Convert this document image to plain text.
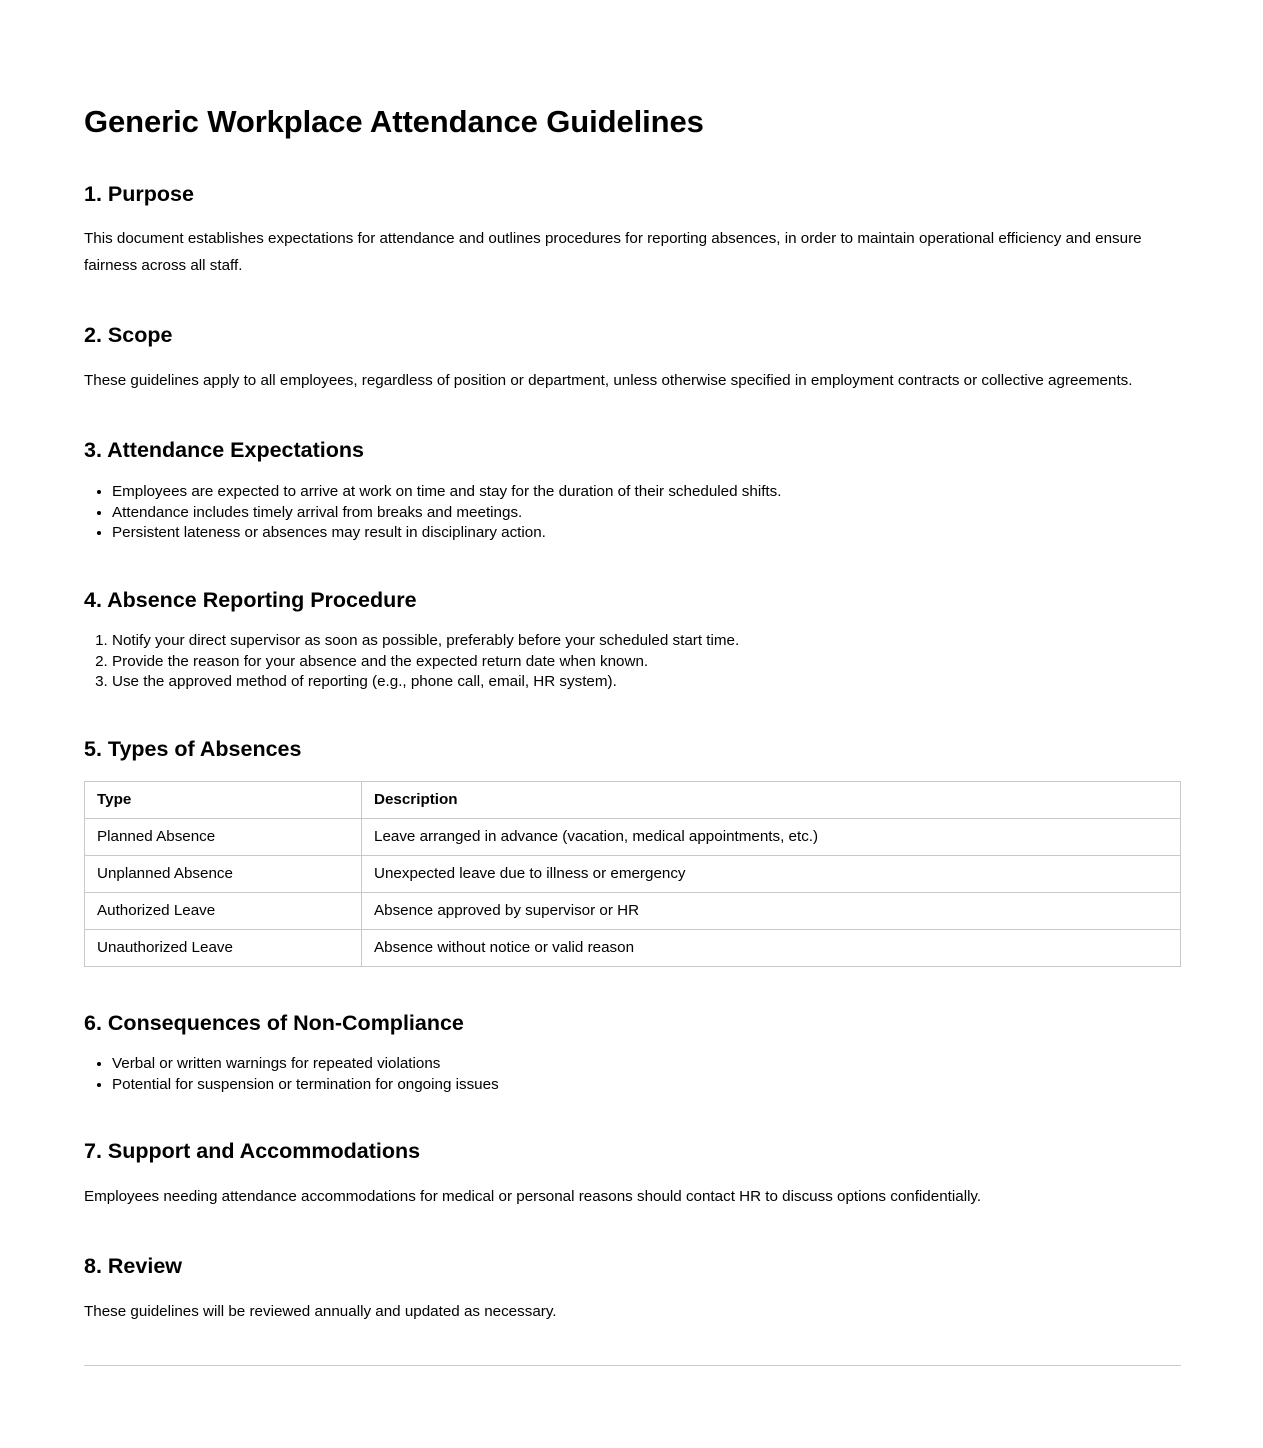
Generic Workplace Attendance Guidelines
1. Purpose

This document establishes expectations for attendance and outlines procedures for reporting absences, in order to maintain operational efficiency and ensure fairness across all staff.

2. Scope

These guidelines apply to all employees, regardless of position or department, unless otherwise specified in employment contracts or collective agreements.

3. Attendance Expectations
• Employees are expected to arrive at work on time and stay for the duration of their scheduled shifts.
• Attendance includes timely arrival from breaks and meetings.
• Persistent lateness or absences may result in disciplinary action.
4. Absence Reporting Procedure
1. Notify your direct supervisor as soon as possible, preferably before your scheduled start time.
2. Provide the reason for your absence and the expected return date when known.
3. Use the approved method of reporting (e.g., phone call, email, HR system).
5. Types of Absences
Type	Description
Planned Absence	Leave arranged in advance (vacation, medical appointments, etc.)
Unplanned Absence	Unexpected leave due to illness or emergency
Authorized Leave	Absence approved by supervisor or HR
Unauthorized Leave	Absence without notice or valid reason
6. Consequences of Non-Compliance
• Verbal or written warnings for repeated violations
• Potential for suspension or termination for ongoing issues
7. Support and Accommodations

Employees needing attendance accommodations for medical or personal reasons should contact HR to discuss options confidentially.

8. Review

These guidelines will be reviewed annually and updated as necessary.
